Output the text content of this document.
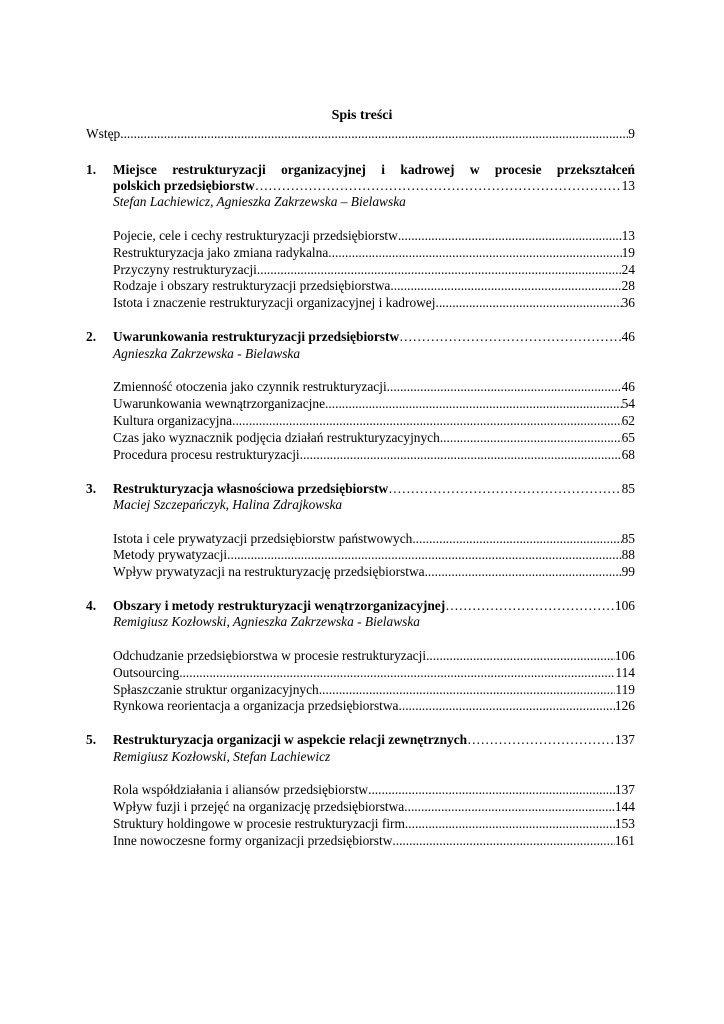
Spis treści
Wstęp .....	9
1. Miejsce restrukturyzacji organizacyjnej i kadrowej w procesie przekształceń
polskich przedsiębiorstw ………………………………………………………………………………………………………………………………………………………………	13
Stefan Lachiewicz, Agnieszka Zakrzewska – Bielawska
Pojecie, cele i cechy restrukturyzacji przedsiębiorstw .....	13
Restrukturyzacja jako zmiana radykalna .....	19
Przyczyny restrukturyzacji .....	24
Rodzaje i obszary restrukturyzacji przedsiębiorstwa .....	28
Istota i znaczenie restrukturyzacji organizacyjnej i kadrowej .....	36
2. Uwarunkowania restrukturyzacji przedsiębiorstw ………………………………………………………………………………………………………………………………………………………………	46
Agnieszka Zakrzewska - Bielawska
Zmienność otoczenia jako czynnik restrukturyzacji .....	46
Uwarunkowania wewnątrzorganizacjne .....	54
Kultura organizacyjna .....	62
Czas jako wyznacznik podjęcia działań restrukturyzacyjnych .....	65
Procedura procesu restrukturyzacji .....	68
3. Restrukturyzacja własnościowa przedsiębiorstw ………………………………………………………………………………………………………………………………………………………………	85
Maciej Szczepańczyk, Halina Zdrajkowska
Istota i cele prywatyzacji przedsiębiorstw państwowych .....	85
Metody prywatyzacji .....	88
Wpływ prywatyzacji na restrukturyzację przedsiębiorstwa .....	99
4. Obszary i metody restrukturyzacji wenątrzorganizacyjnej ………………………………………………………………………………………………………………………………………………………………	106
Remigiusz Kozłowski, Agnieszka Zakrzewska - Bielawska
Odchudzanie przedsiębiorstwa w procesie restrukturyzacji .....	106
Outsourcing .....	114
Spłaszczanie struktur organizacyjnych .....	119
Rynkowa reorientacja a organizacja przedsiębiorstwa .....	126
5. Restrukturyzacja organizacji w aspekcie relacji zewnętrznych ………………………………………………………………………………………………………………………………………………………………	137
Remigiusz Kozłowski, Stefan Lachiewicz
Rola współdziałania i aliansów przedsiębiorstw .....	137
Wpływ fuzji i przejęć na organizację przedsiębiorstwa .....	144
Struktury holdingowe w procesie restrukturyzacji firm .....	153
Inne nowoczesne formy organizacji przedsiębiorstw .....	161
